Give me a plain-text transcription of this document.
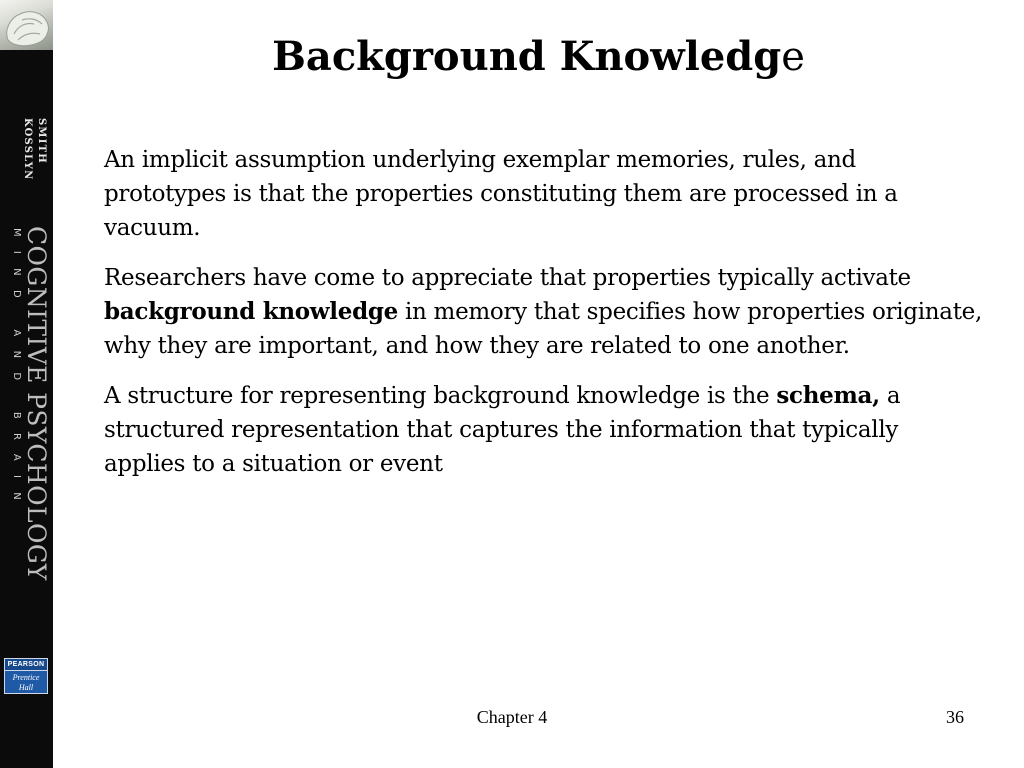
SMITH
KOSSLYN
COGNITIVE PSYCHOLOGY
MIND AND BRAIN
PEARSON
Prentice Hall
Background Knowledge

An implicit assumption underlying exemplar memories, rules, and prototypes is that the properties constituting them are processed in a vacuum.

Researchers have come to appreciate that properties typically activate background knowledge in memory that specifies how properties originate, why they are important, and how they are related to one another.

A structure for representing background knowledge is the schema, a structured representation that captures the information that typically applies to a situation or event

Chapter 4	36
